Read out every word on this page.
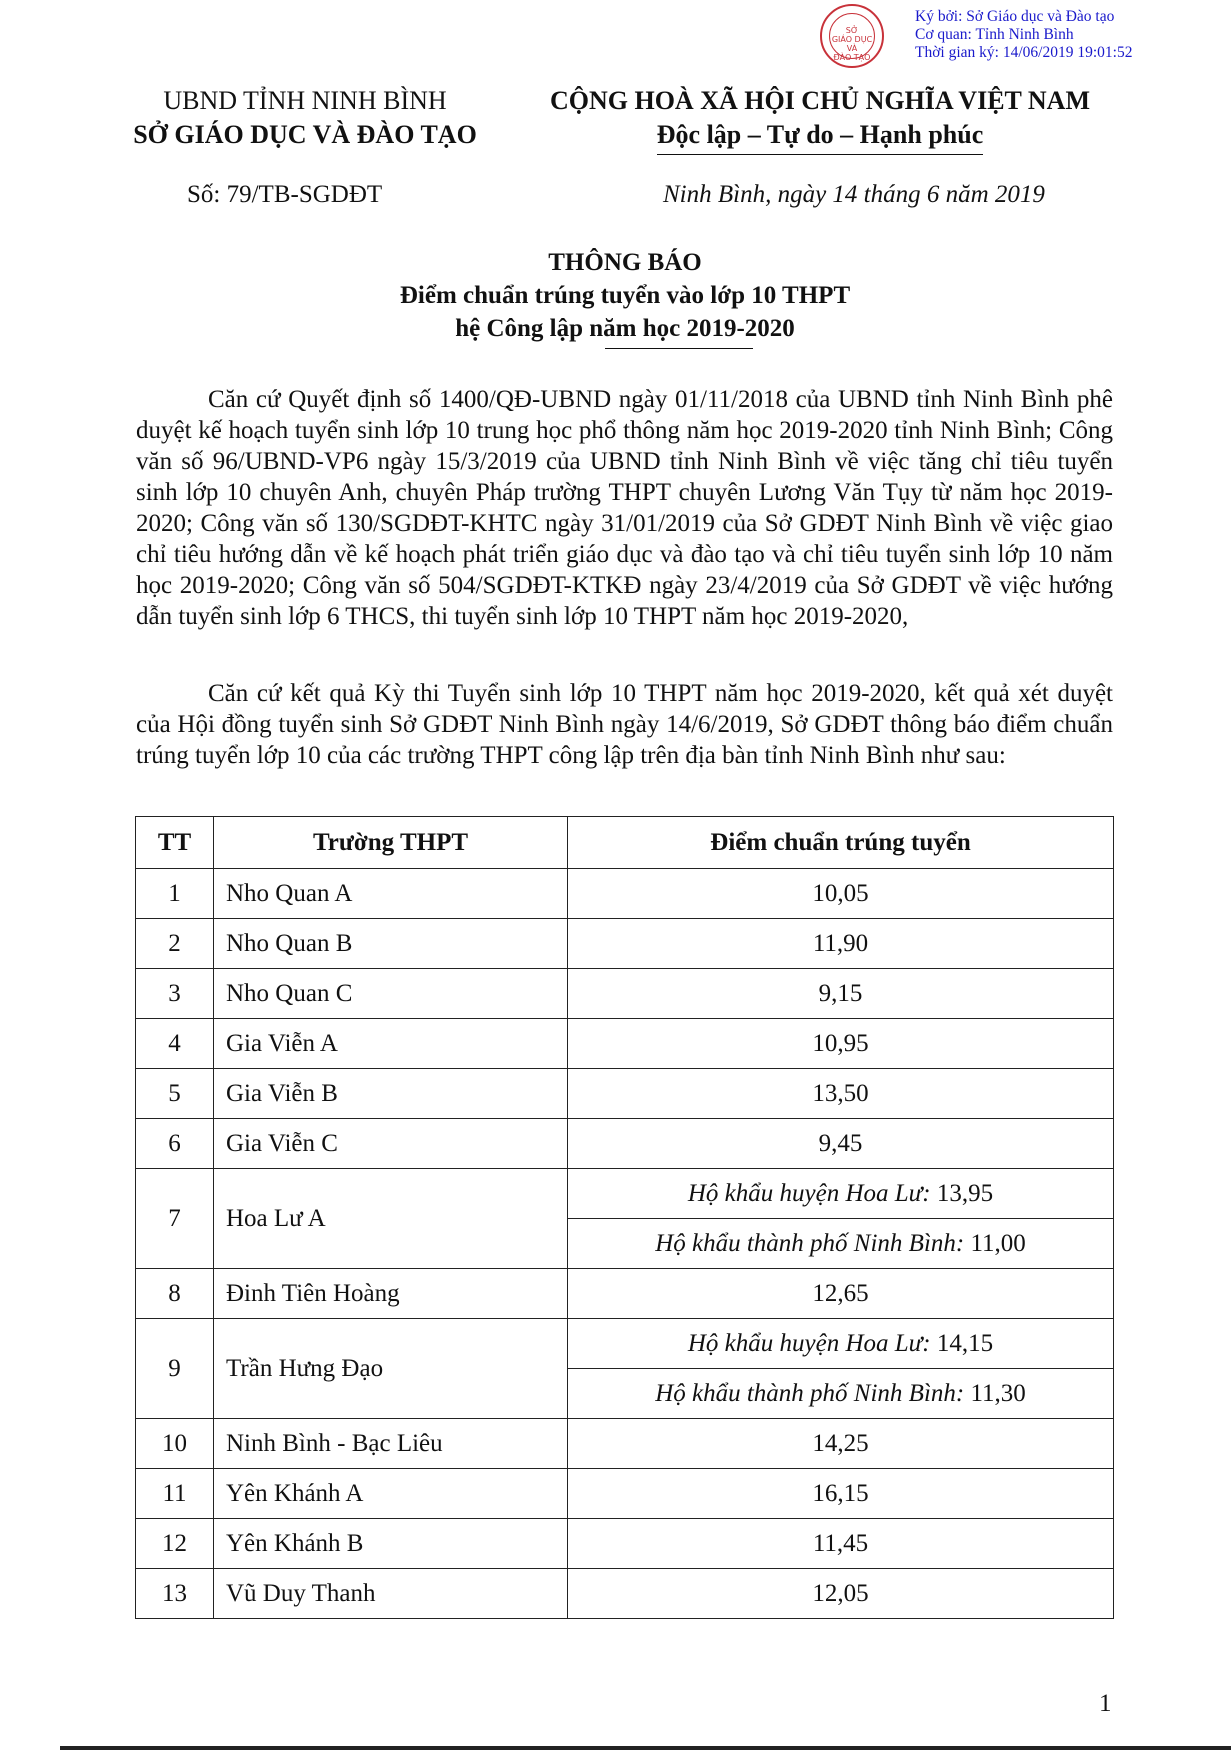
SỞ
GIÁO DỤC
VÀ
ĐÀO TẠO
Ký bởi: Sở Giáo dục và Đào tạo
Cơ quan: Tỉnh Ninh Bình
Thời gian ký: 14/06/2019 19:01:52
UBND TỈNH NINH BÌNH
SỞ GIÁO DỤC VÀ ĐÀO TẠO
CỘNG HOÀ XÃ HỘI CHỦ NGHĨA VIỆT NAM
Độc lập – Tự do – Hạnh phúc
Số: 79/TB-SGDĐT	Ninh Bình, ngày 14 tháng 6 năm 2019
THÔNG BÁO
Điểm chuẩn trúng tuyển vào lớp 10 THPT
hệ Công lập năm học 2019-2020
Căn cứ Quyết định số 1400/QĐ-UBND ngày 01/11/2018 của UBND tỉnh Ninh Bình phê duyệt kế hoạch tuyển sinh lớp 10 trung học phổ thông năm học 2019-2020 tỉnh Ninh Bình; Công văn số 96/UBND-VP6 ngày 15/3/2019 của UBND tỉnh Ninh Bình về việc tăng chỉ tiêu tuyển sinh lớp 10 chuyên Anh, chuyên Pháp trường THPT chuyên Lương Văn Tụy từ năm học 2019-2020; Công văn số 130/SGDĐT-KHTC ngày 31/01/2019 của Sở GDĐT Ninh Bình về việc giao chỉ tiêu hướng dẫn về kế hoạch phát triển giáo dục và đào tạo và chỉ tiêu tuyển sinh lớp 10 năm học 2019-2020; Công văn số 504/SGDĐT-KTKĐ ngày 23/4/2019 của Sở GDĐT về việc hướng dẫn tuyển sinh lớp 6 THCS, thi tuyển sinh lớp 10 THPT năm học 2019-2020,
Căn cứ kết quả Kỳ thi Tuyển sinh lớp 10 THPT năm học 2019-2020, kết quả xét duyệt của Hội đồng tuyển sinh Sở GDĐT Ninh Bình ngày 14/6/2019, Sở GDĐT thông báo điểm chuẩn trúng tuyển lớp 10 của các trường THPT công lập trên địa bàn tỉnh Ninh Bình như sau:
TT	Trường THPT	Điểm chuẩn trúng tuyển
1	Nho Quan A	10,05
2	Nho Quan B	11,90
3	Nho Quan C	9,15
4	Gia Viễn A	10,95
5	Gia Viễn B	13,50
6	Gia Viễn C	9,45
7	Hoa Lư A	Hộ khẩu huyện Hoa Lư: 13,95
		Hộ khẩu thành phố Ninh Bình: 11,00
8	Đinh Tiên Hoàng	12,65
9	Trần Hưng Đạo	Hộ khẩu huyện Hoa Lư: 14,15
		Hộ khẩu thành phố Ninh Bình: 11,30
10	Ninh Bình - Bạc Liêu	14,25
11	Yên Khánh A	16,15
12	Yên Khánh B	11,45
13	Vũ Duy Thanh	12,05
1
